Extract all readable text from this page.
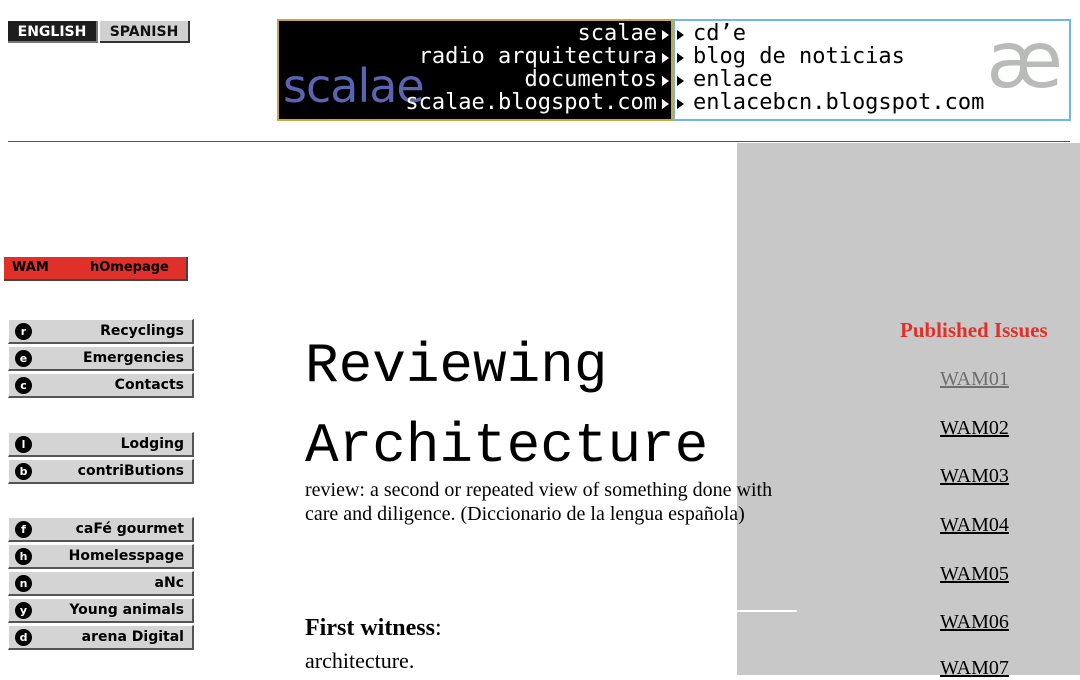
ENGLISH	SPANISH
scalae
scalae
radio arquitectura
documentos
scalae.blogspot.com	æ
cd’e
blog de noticias
enlace
enlacebcn.blogspot.com
WAM	hOmepage
r	Recyclings
e	Emergencies
c	Contacts
l	Lodging
b	contriButions
f	caFé gourmet
h	Homelesspage
n	aNc
y	Young animals
d	arena Digital
Reviewing
Architecture
review: a second or repeated view of something done with care and diligence. (Diccionario de la lengua española)
First witness:
architecture.
Published Issues
WAM01
WAM02
WAM03
WAM04
WAM05
WAM06
WAM07
